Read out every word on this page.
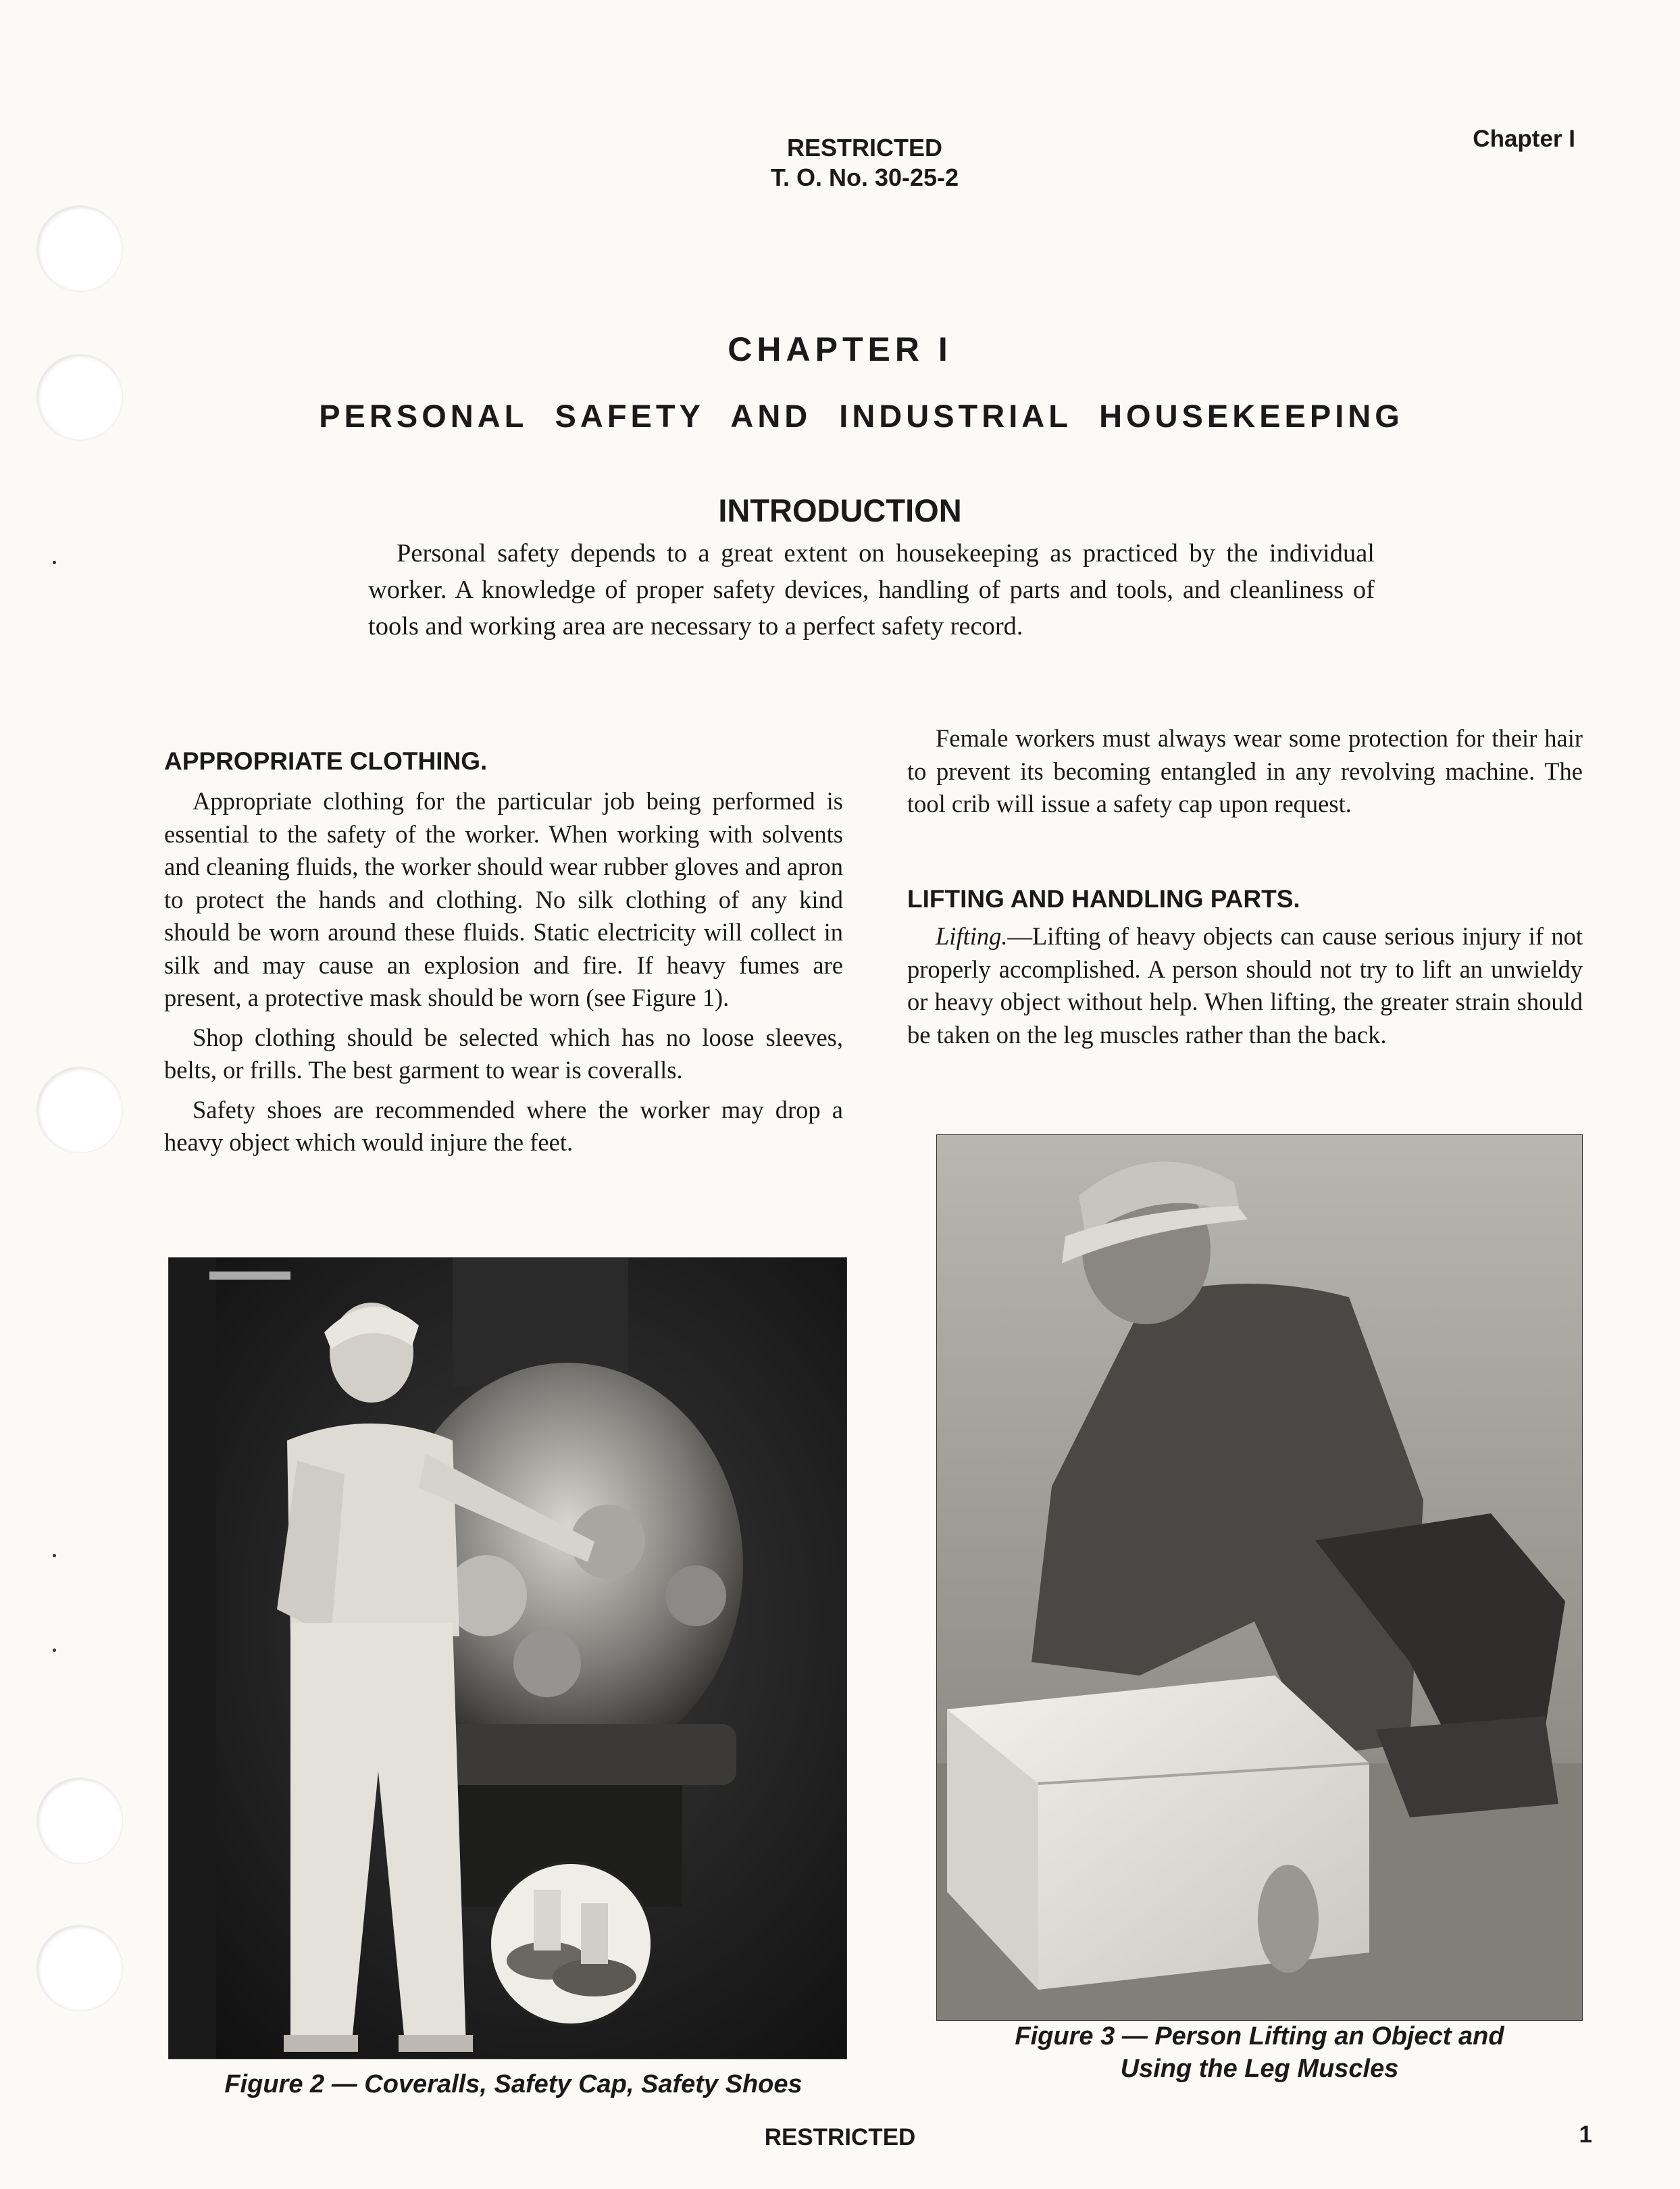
RESTRICTED
T. O. No. 30-25-2
Chapter I
CHAPTER I
PERSONAL SAFETY AND INDUSTRIAL HOUSEKEEPING
INTRODUCTION

Personal safety depends to a great extent on housekeeping as practiced by the individual worker. A knowledge of proper safety devices, handling of parts and tools, and cleanliness of tools and working area are necessary to a perfect safety record.

APPROPRIATE CLOTHING.

Appropriate clothing for the particular job being performed is essential to the safety of the worker. When working with solvents and cleaning fluids, the worker should wear rubber gloves and apron to protect the hands and clothing. No silk clothing of any kind should be worn around these fluids. Static electricity will collect in silk and may cause an explosion and fire. If heavy fumes are present, a protective mask should be worn (see Figure 1).

Shop clothing should be selected which has no loose sleeves, belts, or frills. The best garment to wear is coveralls.

Safety shoes are recommended where the worker may drop a heavy object which would injure the feet.

Female workers must always wear some protection for their hair to prevent its becoming entangled in any revolving machine. The tool crib will issue a safety cap upon request.

LIFTING AND HANDLING PARTS.

Lifting.—Lifting of heavy objects can cause serious injury if not properly accomplished. A person should not try to lift an unwieldy or heavy object without help. When lifting, the greater strain should be taken on the leg muscles rather than the back.

Figure 2 — Coveralls, Safety Cap, Safety Shoes
Figure 3 — Person Lifting an Object and
Using the Leg Muscles
RESTRICTED	1
